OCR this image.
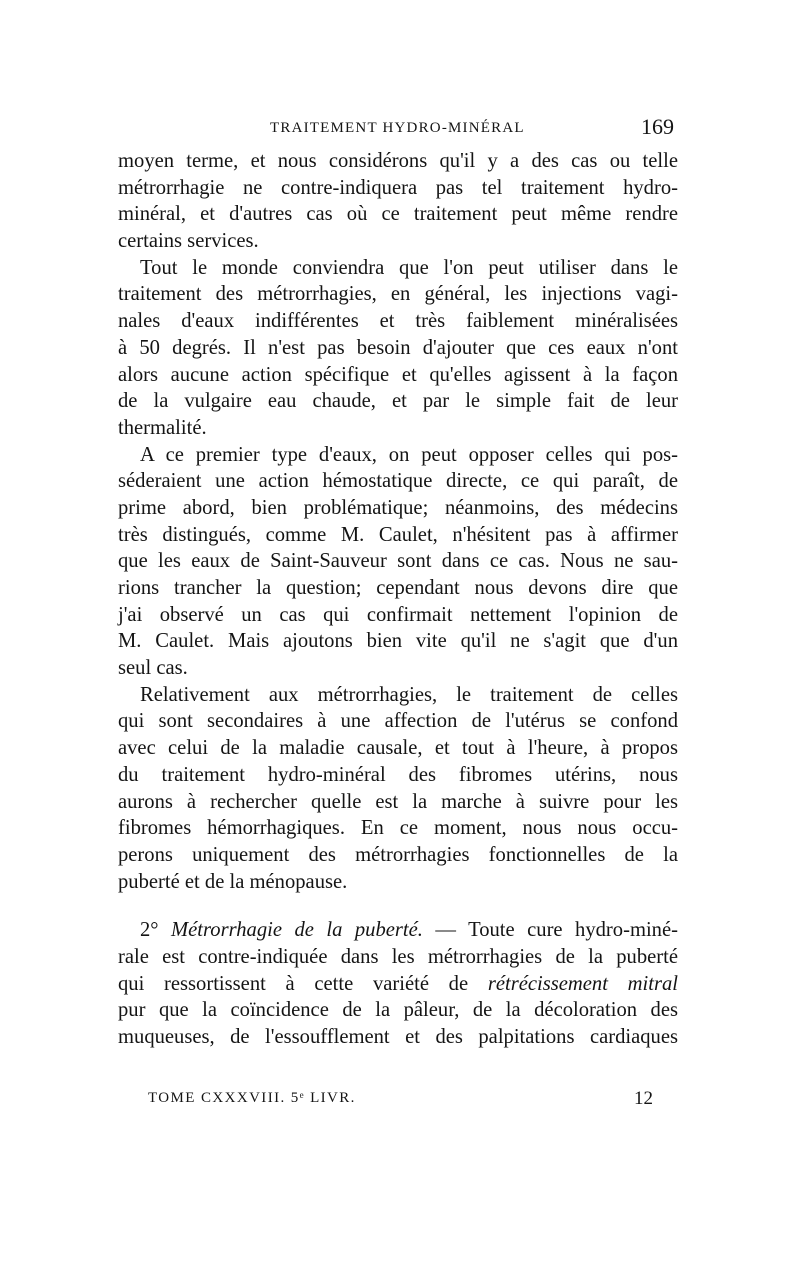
TRAITEMENT HYDRO-MINÉRAL	169
moyen terme, et nous considérons qu'il y a des cas ou telle
métrorrhagie ne contre-indiquera pas tel traitement hydro-
minéral, et d'autres cas où ce traitement peut même rendre
certains services.
Tout le monde conviendra que l'on peut utiliser dans le
traitement des métrorrhagies, en général, les injections vagi-
nales d'eaux indifférentes et très faiblement minéralisées
à 50 degrés. Il n'est pas besoin d'ajouter que ces eaux n'ont
alors aucune action spécifique et qu'elles agissent à la façon
de la vulgaire eau chaude, et par le simple fait de leur
thermalité.
A ce premier type d'eaux, on peut opposer celles qui pos-
séderaient une action hémostatique directe, ce qui paraît, de
prime abord, bien problématique; néanmoins, des médecins
très distingués, comme M. Caulet, n'hésitent pas à affirmer
que les eaux de Saint-Sauveur sont dans ce cas. Nous ne sau-
rions trancher la question; cependant nous devons dire que
j'ai observé un cas qui confirmait nettement l'opinion de
M. Caulet. Mais ajoutons bien vite qu'il ne s'agit que d'un
seul cas.
Relativement aux métrorrhagies, le traitement de celles
qui sont secondaires à une affection de l'utérus se confond
avec celui de la maladie causale, et tout à l'heure, à propos
du traitement hydro-minéral des fibromes utérins, nous
aurons à rechercher quelle est la marche à suivre pour les
fibromes hémorrhagiques. En ce moment, nous nous occu-
perons uniquement des métrorrhagies fonctionnelles de la
puberté et de la ménopause.
2° Métrorrhagie de la puberté. — Toute cure hydro-miné-
rale est contre-indiquée dans les métrorrhagies de la puberté
qui ressortissent à cette variété de rétrécissement mitral
pur que la coïncidence de la pâleur, de la décoloration des
muqueuses, de l'essoufflement et des palpitations cardiaques
TOME CXXXVIII. 5ᵉ LIVR.	12
